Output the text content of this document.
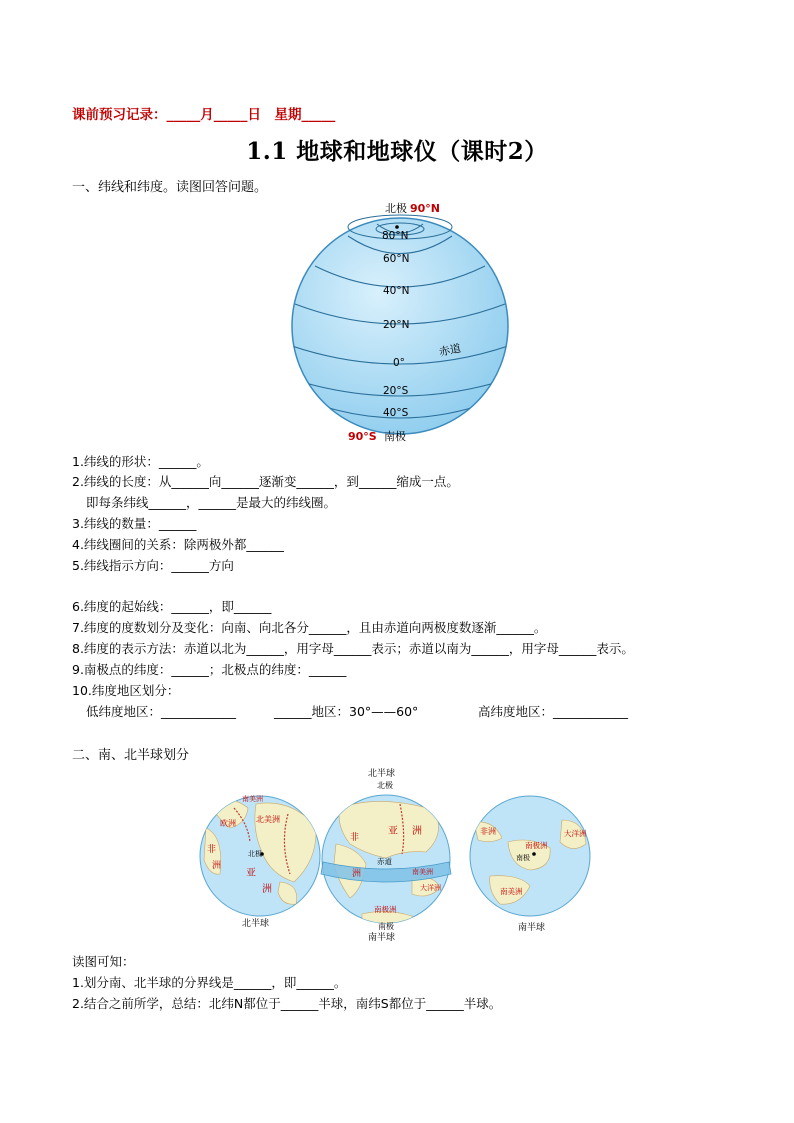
课前预习记录：_____月_____日　星期_____
1.1 地球和地球仪（课时2）
一、纬线和纬度。读图回答问题。
北极 90°N
80°N
60°N
40°N
20°N
0°
赤道
20°S
40°S
90°S 南极
1.纬线的形状：______。
2.纬线的长度：从______向______逐渐变______，到______缩成一点。
即每条纬线______，______是最大的纬线圈。
3.纬线的数量：______
4.纬线圈间的关系：除两极外都______
5.纬线指示方向：______方向
6.纬度的起始线：______，即______
7.纬度的度数划分及变化：向南、向北各分______，且由赤道向两极度数逐渐______。
8.纬度的表示方法：赤道以北为______，用字母______表示；赤道以南为______，用字母______表示。
9.南极点的纬度：______；北极点的纬度：______
10.纬度地区划分：
低纬度地区：____________	______地区：30°——60°	高纬度地区：____________
二、南、北半球划分
南美洲
欧洲	北美洲
非
洲
北极
亚
洲
北半球
北半球
北极
亚 洲
非
洲
赤道
南美洲
大洋洲
南极洲
南极
南半球
非洲	大洋洲
南极洲
南极
南美洲
南半球
读图可知：
1.划分南、北半球的分界线是______，即______。
2.结合之前所学，总结：北纬N都位于______半球，南纬S都位于______半球。
